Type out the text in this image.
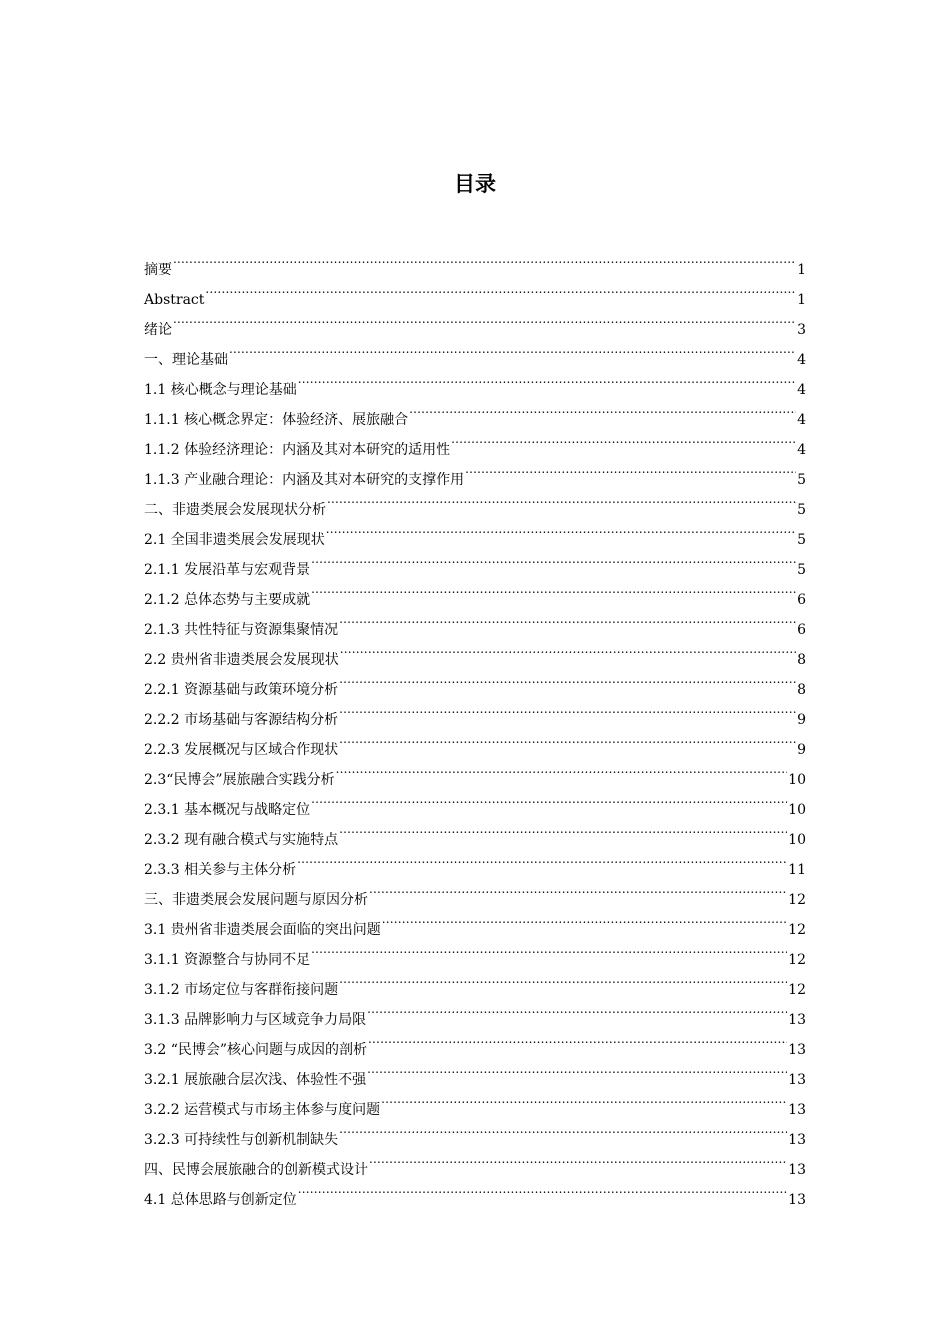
目录
摘要 .....	1
Abstract .....	1
绪论 .....	3
一、理论基础 .....	4
1.1 核心概念与理论基础 .....	4
1.1.1 核心概念界定：体验经济、展旅融合 .....	4
1.1.2 体验经济理论：内涵及其对本研究的适用性 .....	4
1.1.3 产业融合理论：内涵及其对本研究的支撑作用 .....	5
二、非遗类展会发展现状分析 .....	5
2.1 全国非遗类展会发展现状 .....	5
2.1.1 发展沿革与宏观背景 .....	5
2.1.2 总体态势与主要成就 .....	6
2.1.3 共性特征与资源集聚情况 .....	6
2.2 贵州省非遗类展会发展现状 .....	8
2.2.1 资源基础与政策环境分析 .....	8
2.2.2 市场基础与客源结构分析 .....	9
2.2.3 发展概况与区域合作现状 .....	9
2.3“民博会”展旅融合实践分析 .....	10
2.3.1 基本概况与战略定位 .....	10
2.3.2 现有融合模式与实施特点 .....	10
2.3.3 相关参与主体分析 .....	11
三、非遗类展会发展问题与原因分析 .....	12
3.1 贵州省非遗类展会面临的突出问题 .....	12
3.1.1 资源整合与协同不足 .....	12
3.1.2 市场定位与客群衔接问题 .....	12
3.1.3 品牌影响力与区域竞争力局限 .....	13
3.2 “民博会”核心问题与成因的剖析 .....	13
3.2.1 展旅融合层次浅、体验性不强 .....	13
3.2.2 运营模式与市场主体参与度问题 .....	13
3.2.3 可持续性与创新机制缺失 .....	13
四、民博会展旅融合的创新模式设计 .....	13
4.1 总体思路与创新定位 .....	13
